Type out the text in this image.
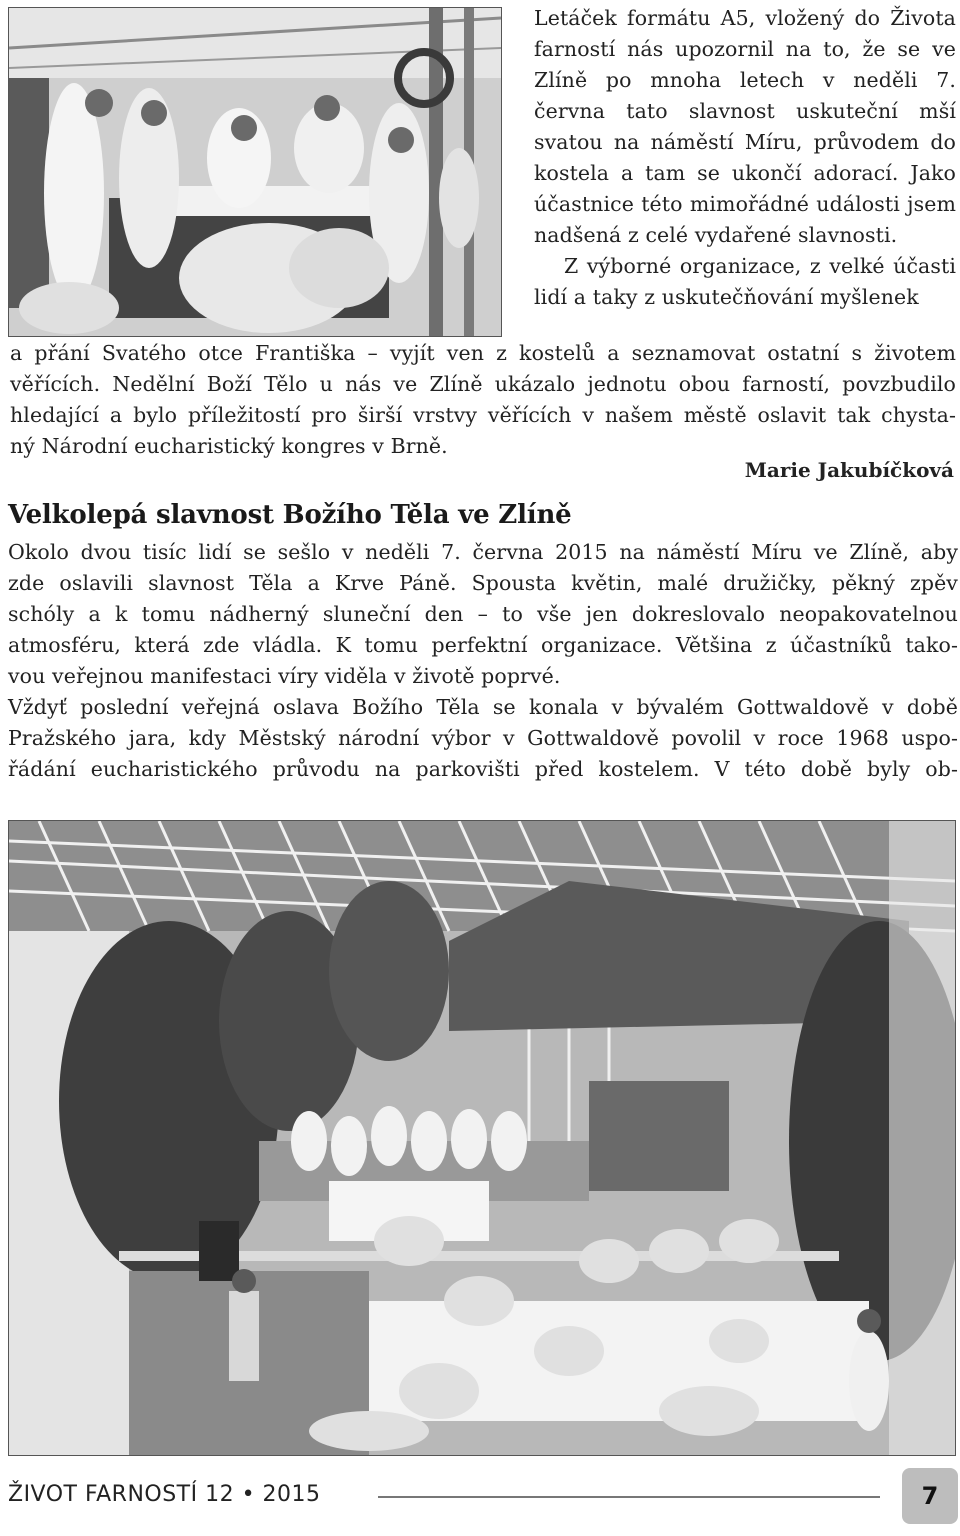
Letáček formátu A5, vložený do Života farností nás upozornil na to, že se ve Zlíně po mnoha letech v neděli 7. června tato slavnost uskuteční mší svatou na náměstí Míru, průvodem do kostela a tam se ukončí adorací. Jako účastnice této mimořádné události jsem nadšená z celé vydařené slavnosti.

Z výborné organizace, z velké účasti lidí a taky z uskutečňování myšlenek

a přání Svatého otce Františka – vyjít ven z kostelů a seznamovat ostatní s životem
věřících. Nedělní Boží Tělo u nás ve Zlíně ukázalo jednotu obou farností, povzbudilo
hledající a bylo příležitostí pro širší vrstvy věřících v našem městě oslavit tak chysta-
ný Národní eucharistický kongres v Brně.
Marie Jakubíčková
Velkolepá slavnost Božího Těla ve Zlíně
Okolo dvou tisíc lidí se sešlo v neděli 7. června 2015 na náměstí Míru ve Zlíně, aby
zde oslavili slavnost Těla a Krve Páně. Spousta květin, malé družičky, pěkný zpěv
schóly a k tomu nádherný sluneční den – to vše jen dokreslovalo neopakovatelnou
atmosféru, která zde vládla. K tomu perfektní organizace. Většina z účastníků tako-
vou veřejnou manifestaci víry viděla v životě poprvé.
Vždyť poslední veřejná oslava Božího Těla se konala v bývalém Gottwaldově v době
Pražského jara, kdy Městský národní výbor v Gottwaldově povolil v roce 1968 uspo-
řádání eucharistického průvodu na parkovišti před kostelem. V této době byly ob-
ŽIVOT FARNOSTÍ 12 • 2015	7
